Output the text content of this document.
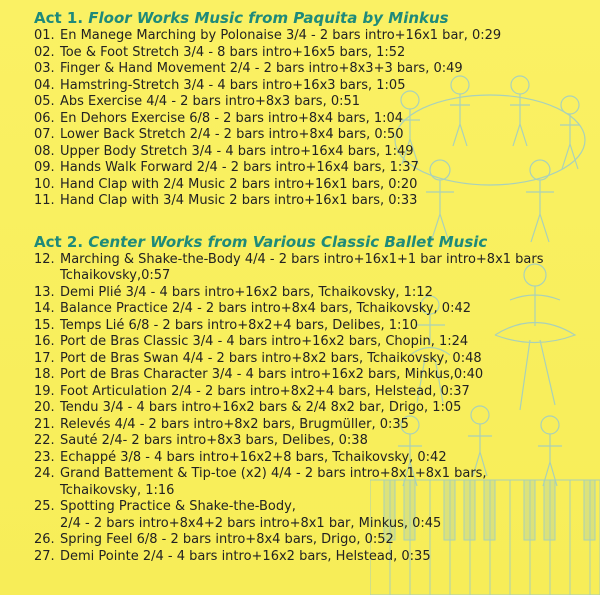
Act 1. Floor Works Music from Paquita by Minkus
01. En Manege Marching by Polonaise 3/4 - 2 bars intro+16x1 bar, 0:29
02. Toe & Foot Stretch 3/4 - 8 bars intro+16x5 bars, 1:52
03. Finger & Hand Movement 2/4 - 2 bars intro+8x3+3 bars, 0:49
04. Hamstring-Stretch 3/4 - 4 bars intro+16x3 bars, 1:05
05. Abs Exercise 4/4 - 2 bars intro+8x3 bars, 0:51
06. En Dehors Exercise 6/8 - 2 bars intro+8x4 bars, 1:04
07. Lower Back Stretch 2/4 - 2 bars intro+8x4 bars, 0:50
08. Upper Body Stretch 3/4 - 4 bars intro+16x4 bars, 1:49
09. Hands Walk Forward 2/4 - 2 bars intro+16x4 bars, 1:37
10. Hand Clap with 2/4 Music 2 bars intro+16x1 bars, 0:20
11. Hand Clap with 3/4 Music 2 bars intro+16x1 bars, 0:33
Act 2. Center Works from Various Classic Ballet Music
12. Marching & Shake-the-Body 4/4 - 2 bars intro+16x1+1 bar intro+8x1 bars
Tchaikovsky,0:57
13. Demi Plié 3/4 - 4 bars intro+16x2 bars, Tchaikovsky, 1:12
14. Balance Practice 2/4 - 2 bars intro+8x4 bars, Tchaikovsky, 0:42
15. Temps Lié 6/8 - 2 bars intro+8x2+4 bars, Delibes, 1:10
16. Port de Bras Classic 3/4 - 4 bars intro+16x2 bars, Chopin, 1:24
17. Port de Bras Swan 4/4 - 2 bars intro+8x2 bars, Tchaikovsky, 0:48
18. Port de Bras Character 3/4 - 4 bars intro+16x2 bars, Minkus,0:40
19. Foot Articulation 2/4 - 2 bars intro+8x2+4 bars, Helstead, 0:37
20. Tendu 3/4 - 4 bars intro+16x2 bars & 2/4 8x2 bar, Drigo, 1:05
21. Relevés 4/4 - 2 bars intro+8x2 bars, Brugmüller, 0:35
22. Sauté 2/4- 2 bars intro+8x3 bars, Delibes, 0:38
23. Echappé 3/8 - 4 bars intro+16x2+8 bars, Tchaikovsky, 0:42
24. Grand Battement & Tip-toe (x2) 4/4 - 2 bars intro+8x1+8x1 bars,
Tchaikovsky, 1:16
25. Spotting Practice & Shake-the-Body,
2/4 - 2 bars intro+8x4+2 bars intro+8x1 bar, Minkus, 0:45
26. Spring Feel 6/8 - 2 bars intro+8x4 bars, Drigo, 0:52
27. Demi Pointe 2/4 - 4 bars intro+16x2 bars, Helstead, 0:35
